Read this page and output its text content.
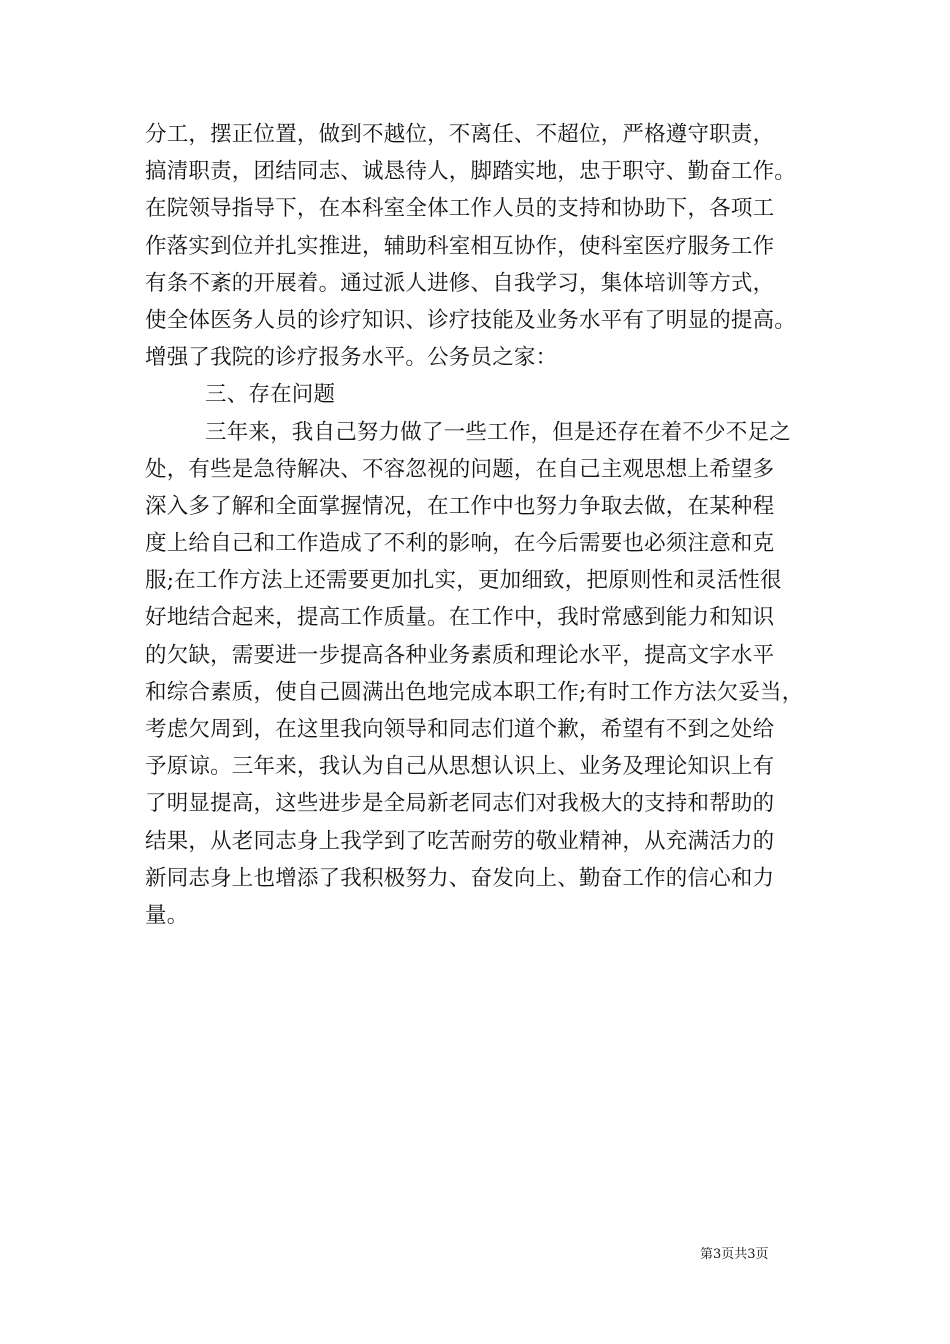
分工，摆正位置，做到不越位，不离任、不超位，严格遵守职责，
搞清职责，团结同志、诚恳待人，脚踏实地，忠于职守、勤奋工作。
在院领导指导下，在本科室全体工作人员的支持和协助下，各项工
作落实到位并扎实推进，辅助科室相互协作，使科室医疗服务工作
有条不紊的开展着。通过派人进修、自我学习，集体培训等方式，
使全体医务人员的诊疗知识、诊疗技能及业务水平有了明显的提高。
增强了我院的诊疗报务水平。公务员之家：
三、存在问题
三年来，我自己努力做了一些工作，但是还存在着不少不足之
处，有些是急待解决、不容忽视的问题，在自己主观思想上希望多
深入多了解和全面掌握情况，在工作中也努力争取去做，在某种程
度上给自己和工作造成了不利的影响，在今后需要也必须注意和克
服;在工作方法上还需要更加扎实，更加细致，把原则性和灵活性很
好地结合起来，提高工作质量。在工作中，我时常感到能力和知识
的欠缺，需要进一步提高各种业务素质和理论水平，提高文字水平
和综合素质，使自己圆满出色地完成本职工作;有时工作方法欠妥当，
考虑欠周到，在这里我向领导和同志们道个歉，希望有不到之处给
予原谅。三年来，我认为自己从思想认识上、业务及理论知识上有
了明显提高，这些进步是全局新老同志们对我极大的支持和帮助的
结果，从老同志身上我学到了吃苦耐劳的敬业精神，从充满活力的
新同志身上也增添了我积极努力、奋发向上、勤奋工作的信心和力
量。
第3页共3页
